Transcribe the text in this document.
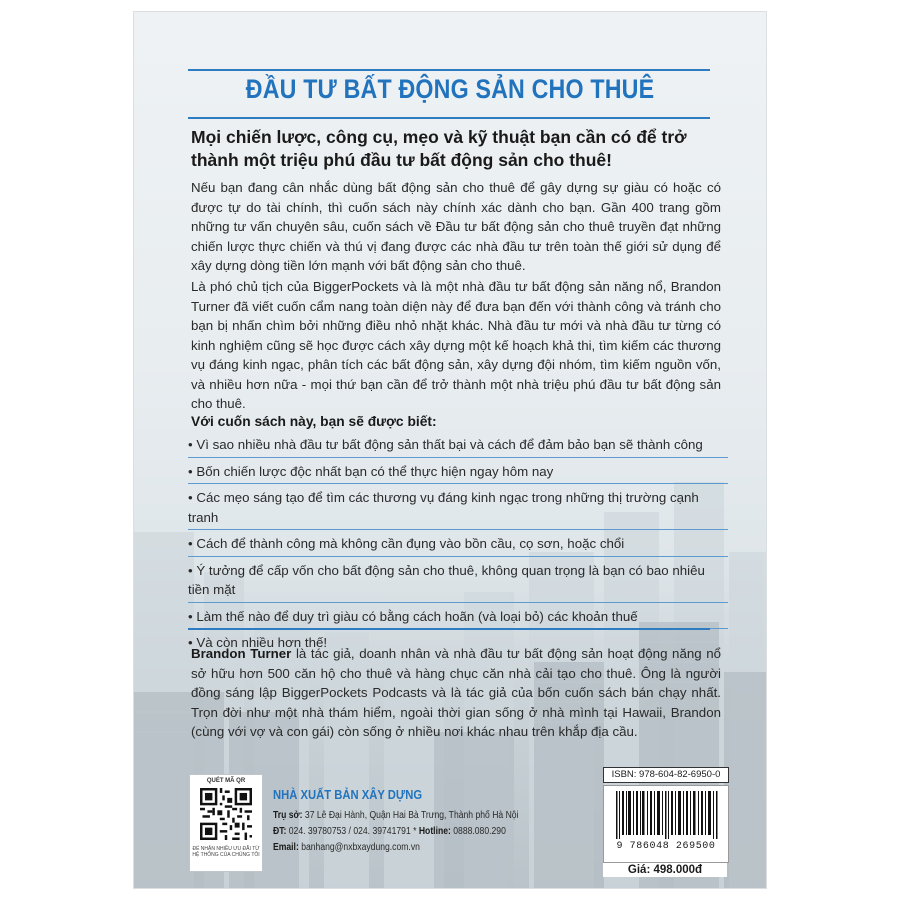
ĐẦU TƯ BẤT ĐỘNG SẢN CHO THUÊ

Mọi chiến lược, công cụ, mẹo và kỹ thuật bạn cần có để trở thành một triệu phú đầu tư bất động sản cho thuê!

Nếu bạn đang cân nhắc dùng bất động sản cho thuê để gây dựng sự giàu có hoặc có được tự do tài chính, thì cuốn sách này chính xác dành cho bạn. Gần 400 trang gồm những tư vấn chuyên sâu, cuốn sách về Đầu tư bất động sản cho thuê truyền đạt những chiến lược thực chiến và thú vị đang được các nhà đầu tư trên toàn thế giới sử dụng để xây dựng dòng tiền lớn mạnh với bất động sản cho thuê.

Là phó chủ tịch của BiggerPockets và là một nhà đầu tư bất động sản năng nổ, Brandon Turner đã viết cuốn cẩm nang toàn diện này để đưa bạn đến với thành công và tránh cho bạn bị nhấn chìm bởi những điều nhỏ nhặt khác. Nhà đầu tư mới và nhà đầu tư từng có kinh nghiệm cũng sẽ học được cách xây dựng một kế hoạch khả thi, tìm kiếm các thương vụ đáng kinh ngạc, phân tích các bất động sản, xây dựng đội nhóm, tìm kiếm nguồn vốn, và nhiều hơn nữa - mọi thứ bạn cần để trở thành một nhà triệu phú đầu tư bất động sản cho thuê.

Với cuốn sách này, bạn sẽ được biết:

• Vì sao nhiều nhà đầu tư bất động sản thất bại và cách để đảm bảo bạn sẽ thành công
• Bốn chiến lược độc nhất bạn có thể thực hiện ngay hôm nay
• Các mẹo sáng tạo để tìm các thương vụ đáng kinh ngạc trong những thị trường cạnh tranh
• Cách để thành công mà không cần đụng vào bồn cầu, cọ sơn, hoặc chổi
• Ý tưởng để cấp vốn cho bất động sản cho thuê, không quan trọng là bạn có bao nhiêu tiền mặt
• Làm thế nào để duy trì giàu có bằng cách hoãn (và loại bỏ) các khoản thuế
• Và còn nhiều hơn thế!

Brandon Turner là tác giả, doanh nhân và nhà đầu tư bất động sản hoạt động năng nổ sở hữu hơn 500 căn hộ cho thuê và hàng chục căn nhà cải tạo cho thuê. Ông là người đồng sáng lập BiggerPockets Podcasts và là tác giả của bốn cuốn sách bán chạy nhất. Trọn đời như một nhà thám hiểm, ngoài thời gian sống ở nhà mình tại Hawaii, Brandon (cùng với vợ và con gái) còn sống ở nhiều nơi khác nhau trên khắp địa cầu.

QUÉT MÃ QR
ĐỂ NHẬN NHIỀU ƯU ĐÃI TỪ HỆ THỐNG CỦA CHÚNG TÔI

NHÀ XUẤT BẢN XÂY DỰNG

Trụ sở: 37 Lê Đại Hành, Quận Hai Bà Trưng, Thành phố Hà Nội

ĐT: 024. 39780753 / 024. 39741791 * Hotline: 0888.080.290

Email: banhang@nxbxaydung.com.vn

ISBN: 978-604-82-6950-0
9 786048 269500
Giá: 498.000đ
